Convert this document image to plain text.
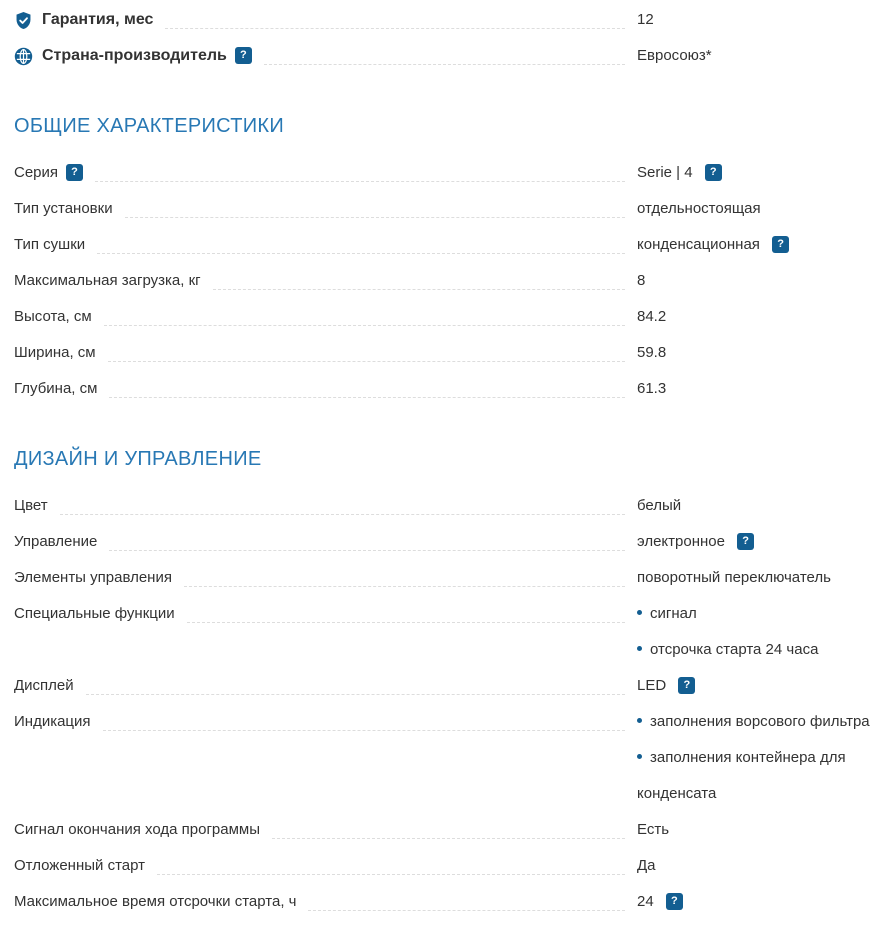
Гарантия, мес	12
Страна-производитель	?	Евросоюз*
ОБЩИЕ ХАРАКТЕРИСТИКИ
Серия	?	Serie | 4 ?
Тип установки	отдельностоящая
Тип сушки	конденсационная ?
Максимальная загрузка, кг	8
Высота, см	84.2
Ширина, см	59.8
Глубина, см	61.3
ДИЗАЙН И УПРАВЛЕНИЕ
Цвет	белый
Управление	электронное ?
Элементы управления	поворотный переключатель
Специальные функции	сигнал
отсрочка старта 24 часа
Дисплей	LED ?
Индикация	заполнения ворсового фильтра
заполнения контейнера для
конденсата
Сигнал окончания хода программы	Есть
Отложенный старт	Да
Максимальное время отсрочки старта, ч	24 ?
